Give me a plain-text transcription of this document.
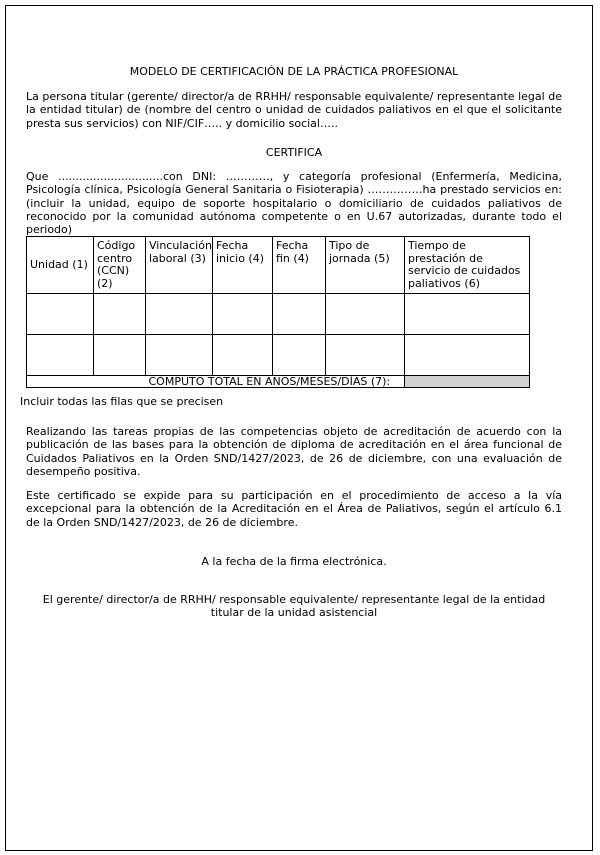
MODELO DE CERTIFICACIÓN DE LA PRÁCTICA PROFESIONAL
La persona titular (gerente/ director/a de RRHH/ responsable equivalente/ representante legal de la entidad titular) de (nombre del centro o unidad de cuidados paliativos en el que el solicitante presta sus servicios) con NIF/CIF….. y domicilio social…..
CERTIFICA
Que ..............................con DNI: …………, y categoría profesional (Enfermería, Medicina, Psicología clínica, Psicología General Sanitaria o Fisioterapia) ……………ha prestado servicios en: (incluir la unidad, equipo de soporte hospitalario o domiciliario de cuidados paliativos de reconocido por la comunidad autónoma competente o en U.67 autorizadas, durante todo el periodo)
Unidad (1)	Código centro (CCN) (2)	Vinculación laboral (3)	Fecha inicio (4)	Fecha fin (4)	Tipo de jornada (5)	Tiempo de prestación de servicio de cuidados paliativos (6)

		CÓMPUTO TOTAL EN AÑOS/MESES/DÍAS (7):				
Incluir todas las filas que se precisen
Realizando las tareas propias de las competencias objeto de acreditación de acuerdo con la publicación de las bases para la obtención de diploma de acreditación en el área funcional de Cuidados Paliativos en la Orden SND/1427/2023, de 26 de diciembre, con una evaluación de desempeño positiva.
Este certificado se expide para su participación en el procedimiento de acceso a la vía excepcional para la obtención de la Acreditación en el Área de Paliativos, según el artículo 6.1 de la Orden SND/1427/2023, de 26 de diciembre.
A la fecha de la firma electrónica.
El gerente/ director/a de RRHH/ responsable equivalente/ representante legal de la entidad titular de la unidad asistencial
